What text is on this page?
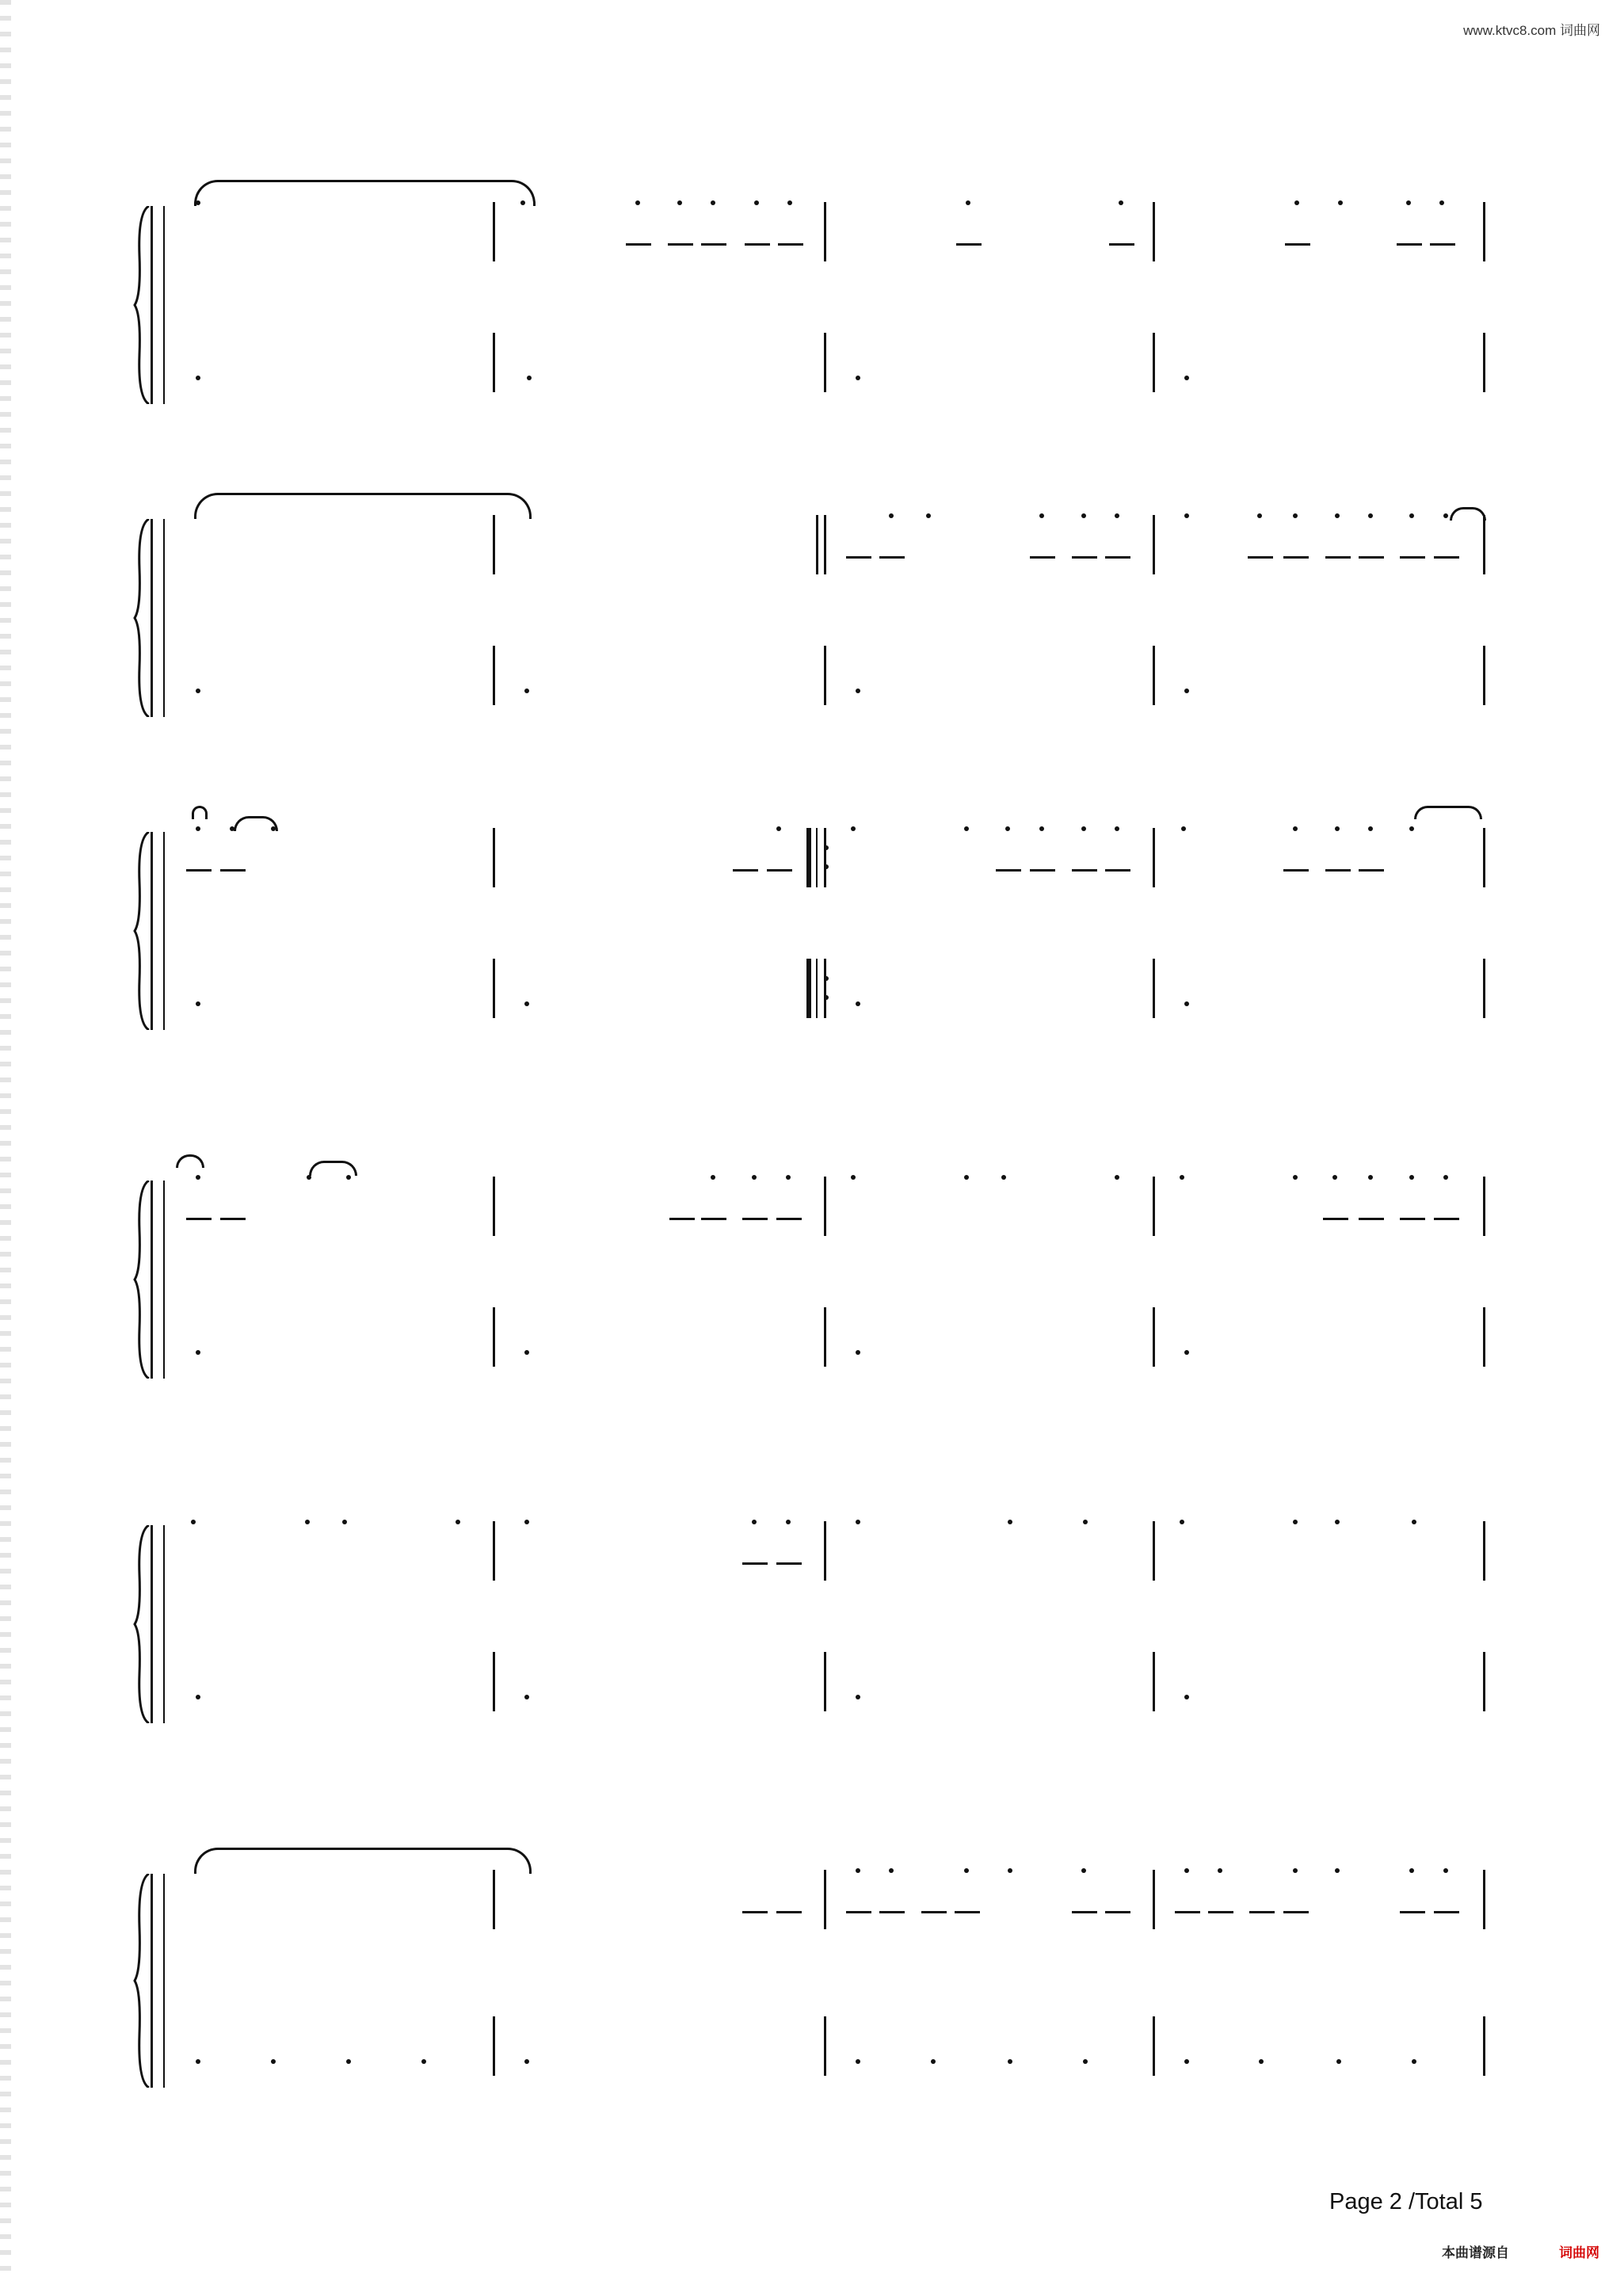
www.ktvc8.com 词曲网
Page 2 /Total 5
本曲谱源自	词曲网
